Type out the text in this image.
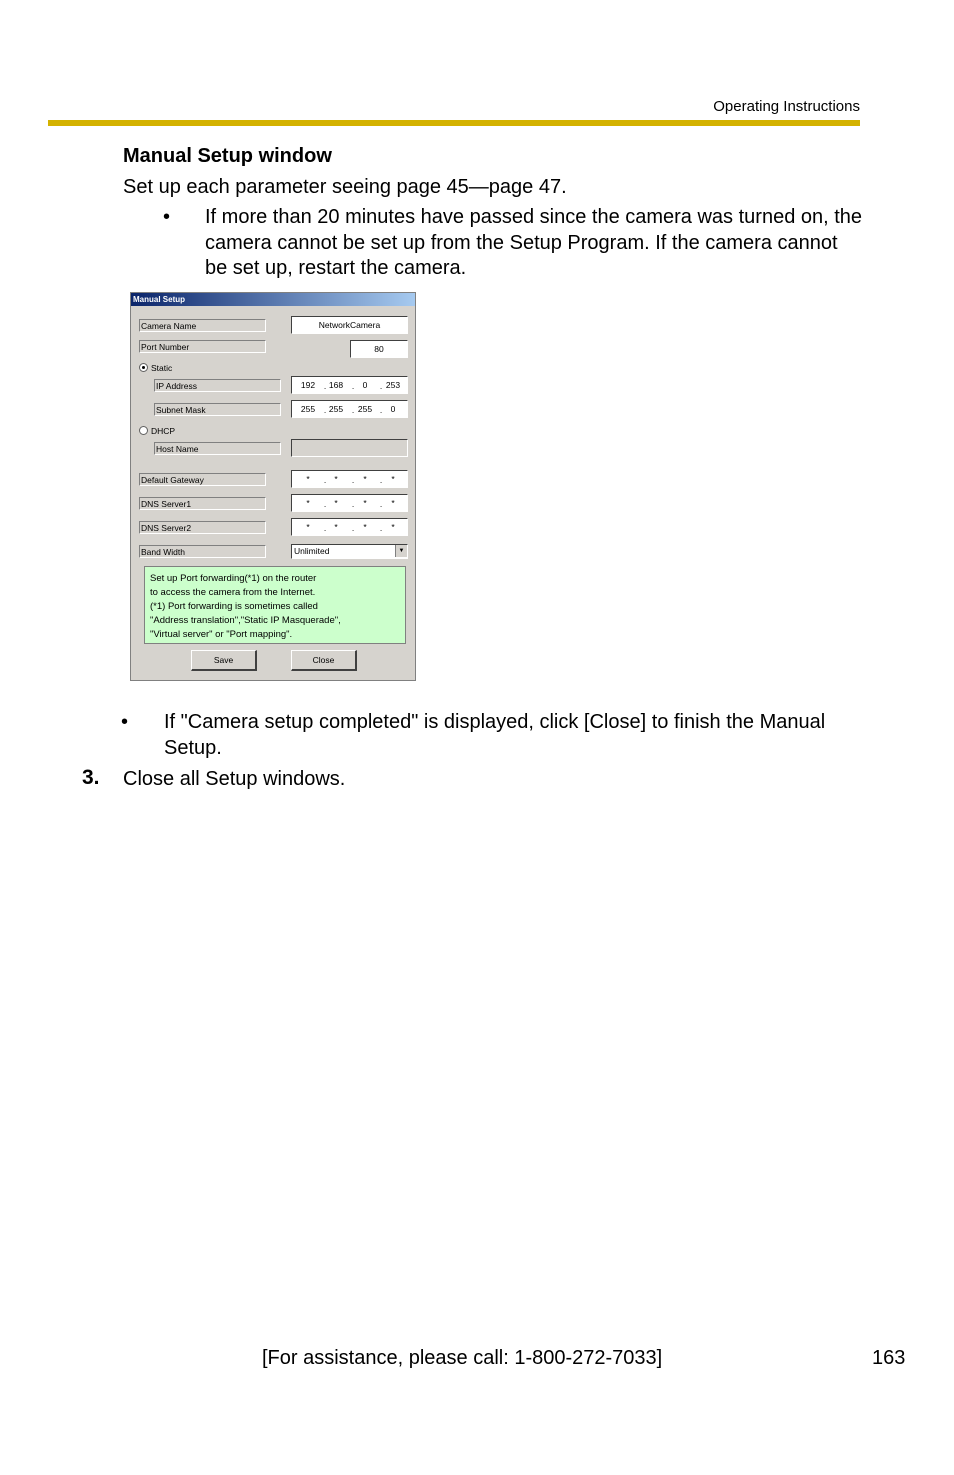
Operating Instructions
Manual Setup window
Set up each parameter seeing page 45—page 47.
• If more than 20 minutes have passed since the camera was turned on, the camera cannot be set up from the Setup Program. If the camera cannot be set up, restart the camera.
Manual Setup
Camera Name	NetworkCamera
Port Number	80
Static
IP Address	192	. 168	. 0	. 253
Subnet Mask	255	. 255	. 255 . 0
DHCP
Host Name
Default Gateway	*	. *	.	*	.	*
DNS Server1	*	. *	.	*	.	*
DNS Server2	*	. *	.	*	.	*
Band Width	Unlimited	▼
Set up Port forwarding(*1) on the router
to access the camera from the Internet.
(*1) Port forwarding is sometimes called
"Address translation","Static IP Masquerade",
"Virtual server" or "Port mapping".
Save	Close
• If "Camera setup completed" is displayed, click [Close] to finish the Manual Setup.
3. Close all Setup windows.
[For assistance, please call: 1-800-272-7033]	163
